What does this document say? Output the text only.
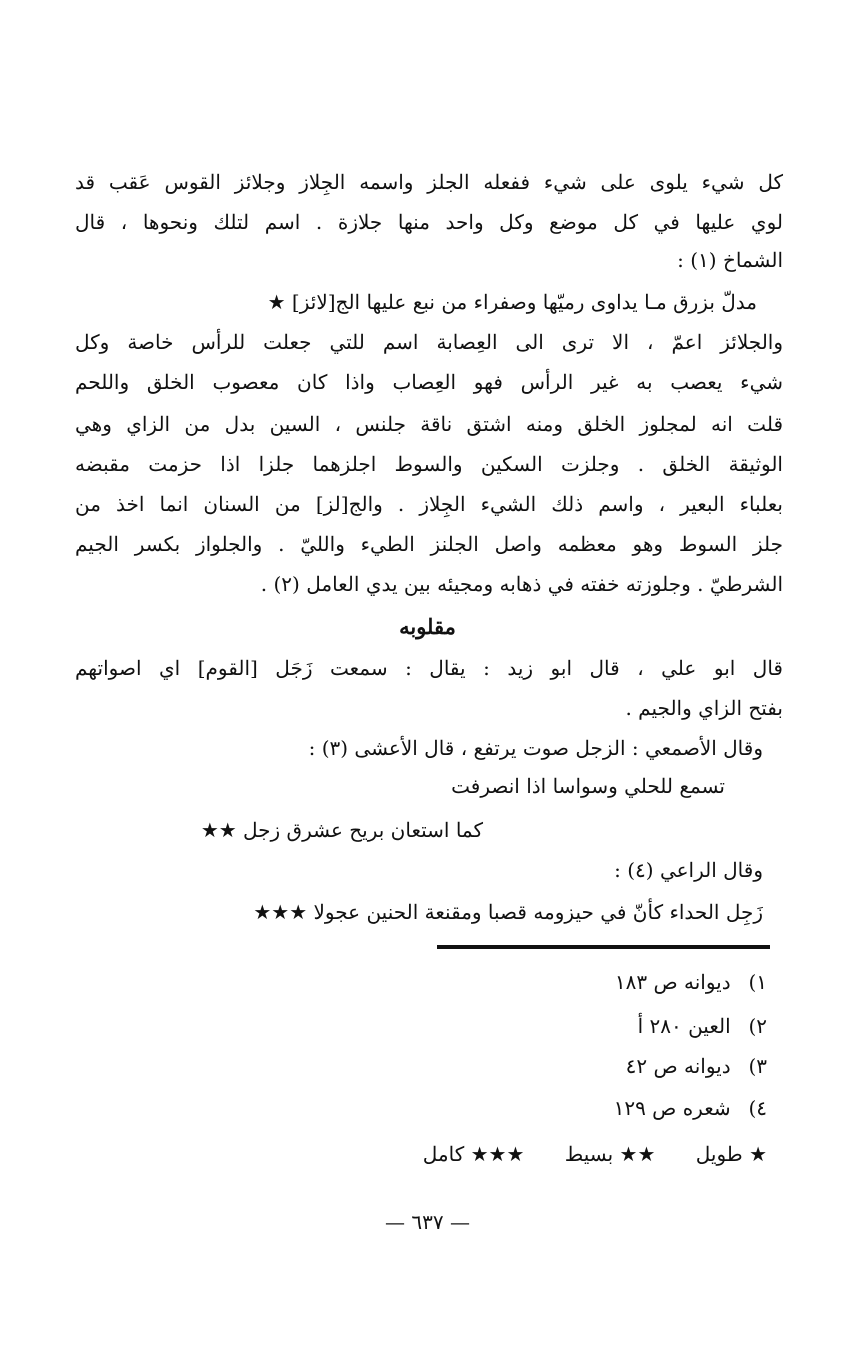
كل شيء يلوى على شيء ففعله الجلز واسمه الجِلاز وجلائز القوس عَقب قد
لوي عليها في كل موضع وكل واحد منها جلازة . اسم لتلك ونحوها ، قال
الشماخ (١) :
مدلّ بزرق مـا يداوى رميّها وصفراء من نبع عليها الج[لائز] ★
والجلائز اعمّ ، الا ترى الى العِصابة اسم للتي جعلت للرأس خاصة وكل
شيء يعصب به غير الرأس فهو العِصاب واذا كان معصوب الخلق واللحم
قلت انه لمجلوز الخلق ومنه اشتق ناقة جلنس ، السين بدل من الزاي وهي
الوثيقة الخلق . وجلزت السكين والسوط اجلزهما جلزا اذا حزمت مقبضه
بعلباء البعير ، واسم ذلك الشيء الجِلاز . والج[لز] من السنان انما اخذ من
جلز السوط وهو معظمه واصل الجلنز الطيء والليّ . والجلواز بكسر الجيم
الشرطيّ . وجلوزته خفته في ذهابه ومجيئه بين يدي العامل (٢) .
مقلوبه
قال ابو علي ، قال ابو زيد : يقال : سمعت زَجَل [القوم] اي اصواتهم
بفتح الزاي والجيم .
وقال الأصمعي : الزجل صوت يرتفع ، قال الأعشى (٣) :
تسمع للحلي وسواسا اذا انصرفت
كما استعان بريح عشرق زجل ★★
وقال الراعي (٤) :
زَجِل الحداء كأنّ في حيزومه قصبا ومقنعة الحنين عجولا ★★★
١) ديوانه ص ١٨٣
٢) العين ٢٨٠ أ
٣) ديوانه ص ٤٢
٤) شعره ص ١٢٩
★ طويل ★★ بسيط ★★★ كامل
— ٦٣٧ —
